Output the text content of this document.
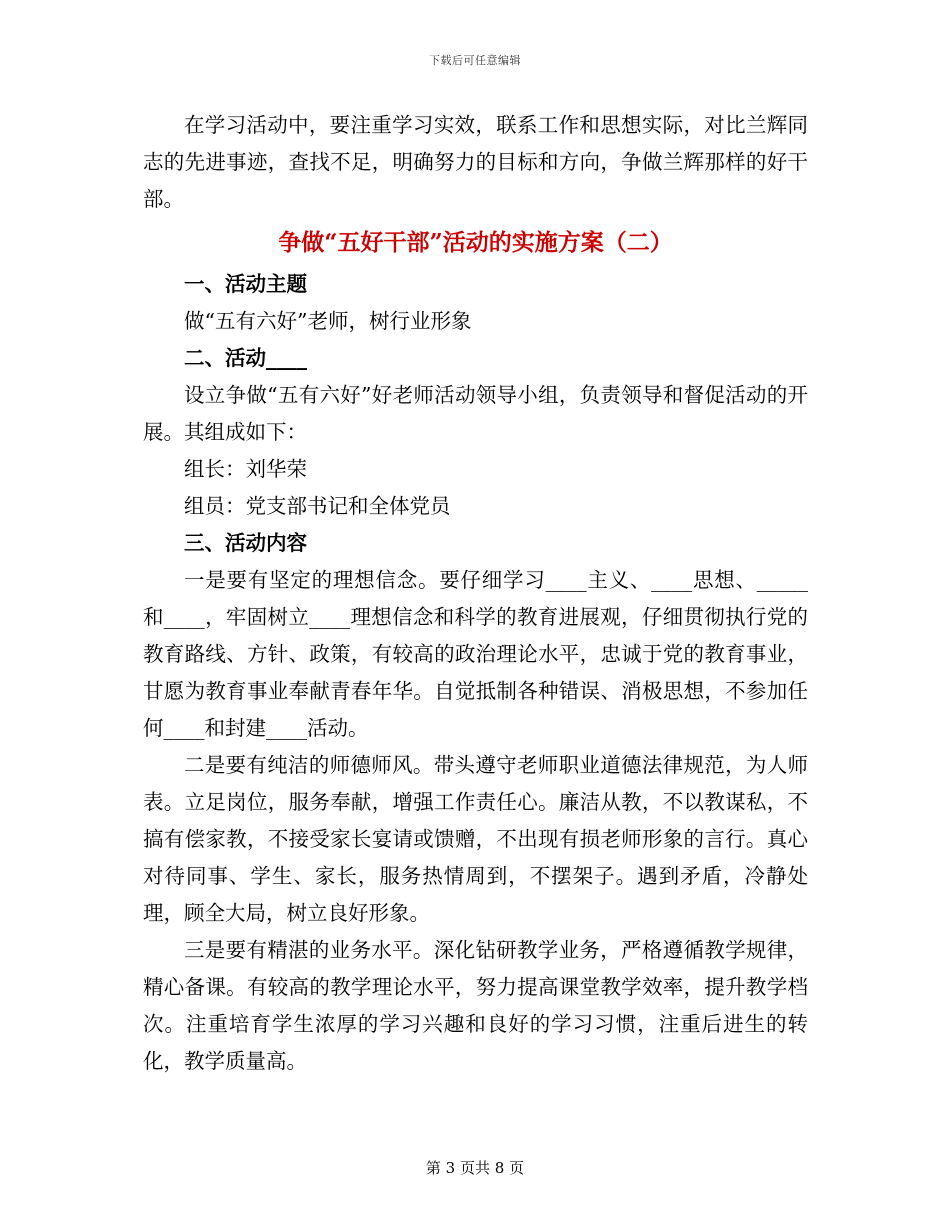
下载后可任意编辑

在学习活动中，要注重学习实效，联系工作和思想实际，对比兰辉同志的先进事迹，查找不足，明确努力的目标和方向，争做兰辉那样的好干部。

争做“五好干部”活动的实施方案（二）
一、活动主题

做“五有六好”老师，树行业形象

二、活动____

设立争做“五有六好”好老师活动领导小组，负责领导和督促活动的开展。其组成如下：

组长：刘华荣

组员：党支部书记和全体党员

三、活动内容

一是要有坚定的理想信念。要仔细学习____主义、____思想、_____和____，牢固树立____理想信念和科学的教育进展观，仔细贯彻执行党的教育路线、方针、政策，有较高的政治理论水平，忠诚于党的教育事业，甘愿为教育事业奉献青春年华。自觉抵制各种错误、消极思想，不参加任何____和封建____活动。

二是要有纯洁的师德师风。带头遵守老师职业道德法律规范，为人师表。立足岗位，服务奉献，增强工作责任心。廉洁从教，不以教谋私，不搞有偿家教，不接受家长宴请或馈赠，不出现有损老师形象的言行。真心对待同事、学生、家长，服务热情周到，不摆架子。遇到矛盾，冷静处理，顾全大局，树立良好形象。

三是要有精湛的业务水平。深化钻研教学业务，严格遵循教学规律，精心备课。有较高的教学理论水平，努力提高课堂教学效率，提升教学档次。注重培育学生浓厚的学习兴趣和良好的学习习惯，注重后进生的转化，教学质量高。

第 3 页共 8 页
